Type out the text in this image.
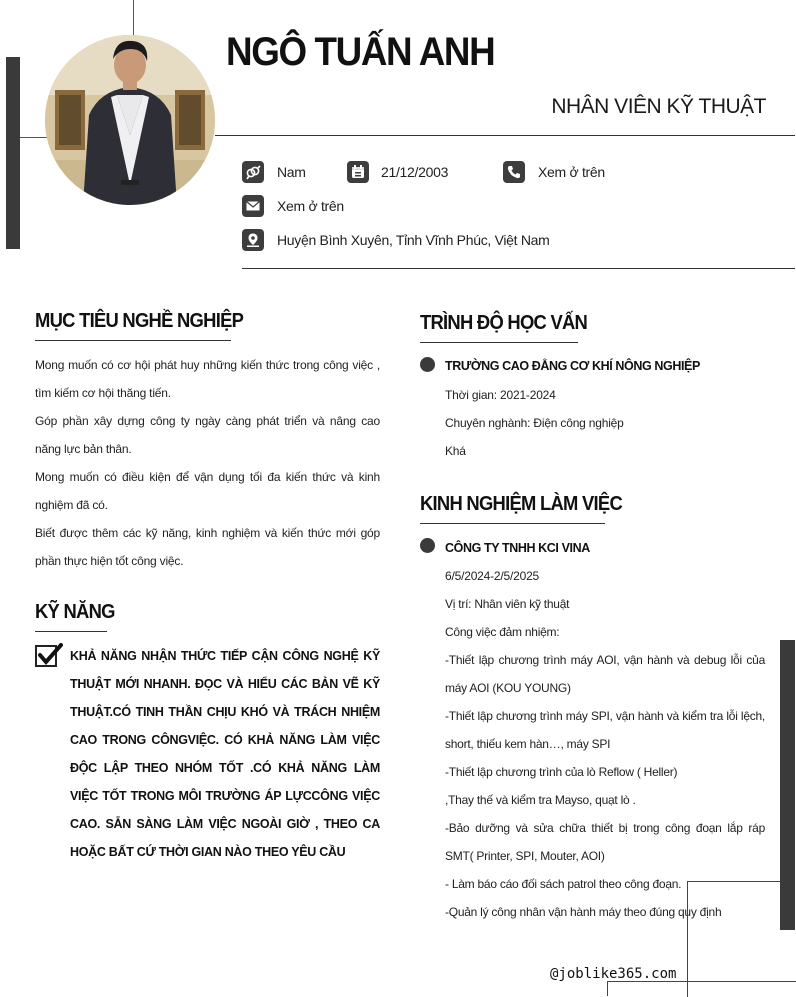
NGÔ TUẤN ANH
NHÂN VIÊN KỸ THUẬT
Nam	21/12/2003	Xem ở trên
Xem ở trên
Huyện Bình Xuyên, Tỉnh Vĩnh Phúc, Việt Nam
MỤC TIÊU NGHỀ NGHIỆP

Mong muốn có cơ hội phát huy những kiến thức trong công việc , tìm kiếm cơ hội thăng tiến.

Góp phần xây dựng công ty ngày càng phát triển và nâng cao năng lực bản thân.

Mong muốn có điều kiện để vận dụng tối đa kiến thức và kinh nghiệm đã có.

Biết được thêm các kỹ năng, kinh nghiệm và kiến thức mới góp phần thực hiện tốt công việc.

KỸ NĂNG
KHẢ NĂNG NHẬN THỨC TIẾP CẬN CÔNG NGHỆ KỸ THUẬT MỚI NHANH. ĐỌC VÀ HIỂU CÁC BẢN VẼ KỸ THUẬT.CÓ TINH THẦN CHỊU KHÓ VÀ TRÁCH NHIỆM CAO TRONG CÔNGVIỆC. CÓ KHẢ NĂNG LÀM VIỆC ĐỘC LẬP THEO NHÓM TỐT .CÓ KHẢ NĂNG LÀM VIỆC TỐT TRONG MÔI TRƯỜNG ÁP LỰCCÔNG VIỆC CAO. SẴN SÀNG LÀM VIỆC NGOÀI GIỜ , THEO CA HOẶC BẤT CỨ THỜI GIAN NÀO THEO YÊU CẦU
TRÌNH ĐỘ HỌC VẤN
TRƯỜNG CAO ĐẲNG CƠ KHÍ NÔNG NGHIỆP
Thời gian: 2021-2024
Chuyên nghành: Điện công nghiệp
Khá
KINH NGHIỆM LÀM VIỆC
CÔNG TY TNHH KCI VINA
6/5/2024-2/5/2025
Vị trí: Nhân viên kỹ thuật
Công việc đảm nhiệm:
-Thiết lập chương trình máy AOI, vận hành và debug lỗi của máy AOI (KOU YOUNG)
-Thiết lập chương trình máy SPI, vận hành và kiểm tra lỗi lệch, short, thiếu kem hàn…, máy SPI
-Thiết lập chương trình của lò Reflow ( Heller)
,Thay thế và kiểm tra Mayso, quạt lò .
-Bảo dưỡng và sửa chữa thiết bị trong công đoạn lắp ráp SMT( Printer, SPI, Mouter, AOI)
- Làm báo cáo đối sách patrol theo công đoạn.
-Quản lý công nhân vận hành máy theo đúng quy định
@joblike365.com
